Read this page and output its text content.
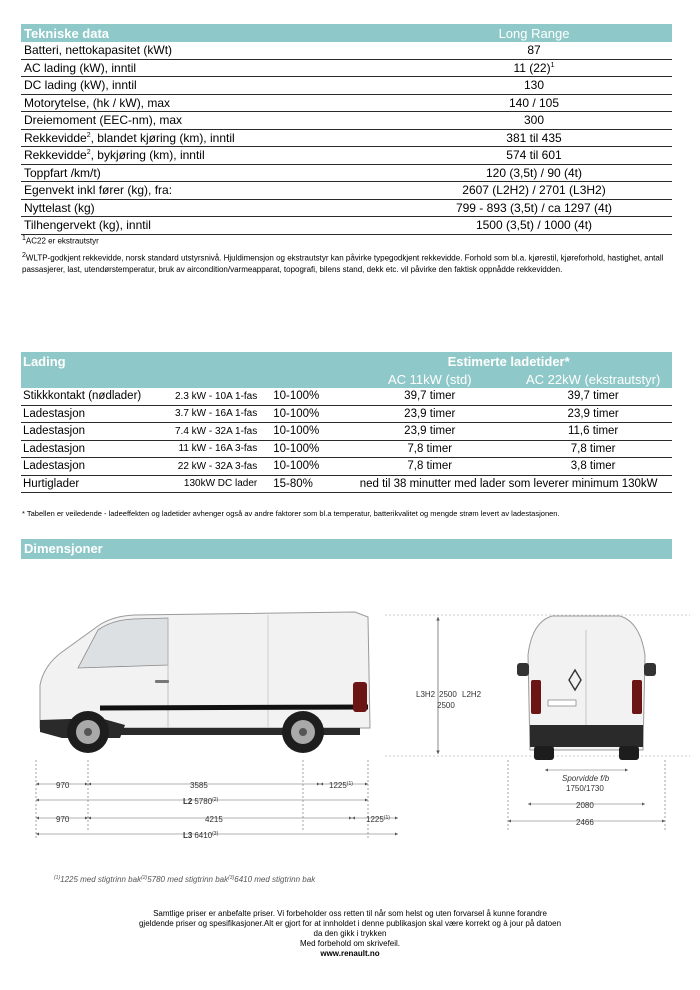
Tekniske data	Long Range
Batteri, nettokapasitet (kWt)	87
AC lading (kW), inntil	11 $(22)^1$
DC lading (kW), inntil	130
Motorytelse, (hk / kW), max	140 / 105
Dreiemoment (EEC-nm), max	300
Rekkevidde$^2$, blandet kjøring (km), inntil	381 til 435
Rekkevidde$^2$, bykjøring (km), inntil	574 til 601
Toppfart /km/t)	120 (3,5t) / 90 (4t)
Egenvekt inkl fører (kg), fra:	2607 (L2H2) / 2701 (L3H2)
Nyttelast (kg)	799 - 893 (3,5t) / ca 1297 (4t)
Tilhengervekt (kg), inntil	1500 (3,5t) / 1000 (4t)
$^1$AC22 er ekstrautstyr
$^2$WLTP-godkjent rekkevidde, norsk standard utstyrsnivå. Hjuldimensjon og ekstrautstyr kan påvirke typegodkjent rekkevidde. Forhold som bl.a. kjørestil, kjøreforhold, hastighet, antall passasjerer, last, utendørstemperatur, bruk av aircondition/varmeapparat, topografi, bilens stand, dekk etc. vil påvirke den faktisk oppnådde rekkevidden.
Lading			Estimerte ladetider*	
			AC 11kW (std)	AC 22kW (ekstrautstyr)
Stikkkontakt (nødlader)	2.3 kW - 10A 1-fas	10-100%	39,7 timer	39,7 timer
Ladestasjon	3.7 kW - 16A 1-fas	10-100%	23,9 timer	23,9 timer
Ladestasjon	7.4 kW - 32A 1-fas	10-100%	23,9 timer	11,6 timer
Ladestasjon	11 kW - 16A 3-fas	10-100%	7,8 timer	7,8 timer
Ladestasjon	22 kW - 32A 3-fas	10-100%	7,8 timer	3,8 timer
Hurtiglader	130kW DC lader	15-80%	ned til 38 minutter med lader som leverer minimum 130kW	
* Tabellen er veiledende - ladeeffekten og ladetider avhenger også av andre faktorer som bl.a temperatur, batterikvalitet og mengde strøm levert av ladestasjonen.
Dimensjoner
L3H2 2500 L2H2
2500
970	3585	1225$^{(1)}$
L2 5780$^{(2)}$
970	4215	1225$^{(1)}$
L3 6410$^{(3)}$
Sporvidde f/b
1750/1730
2080
2466
$^{(1)}$1225 med stigtrinn bak$^{(2)}$5780 med stigtrinn bak$^{(3)}$6410 med stigtrinn bak
Samtlige priser er anbefalte priser. Vi forbeholder oss retten til når som helst og uten forvarsel å kunne forandre
gjeldende priser og spesifikasjoner.Alt er gjort for at innholdet i denne publikasjon skal være korrekt og à jour på datoen
da den gikk i trykken
Med forbehold om skrivefeil.
www.renault.no
